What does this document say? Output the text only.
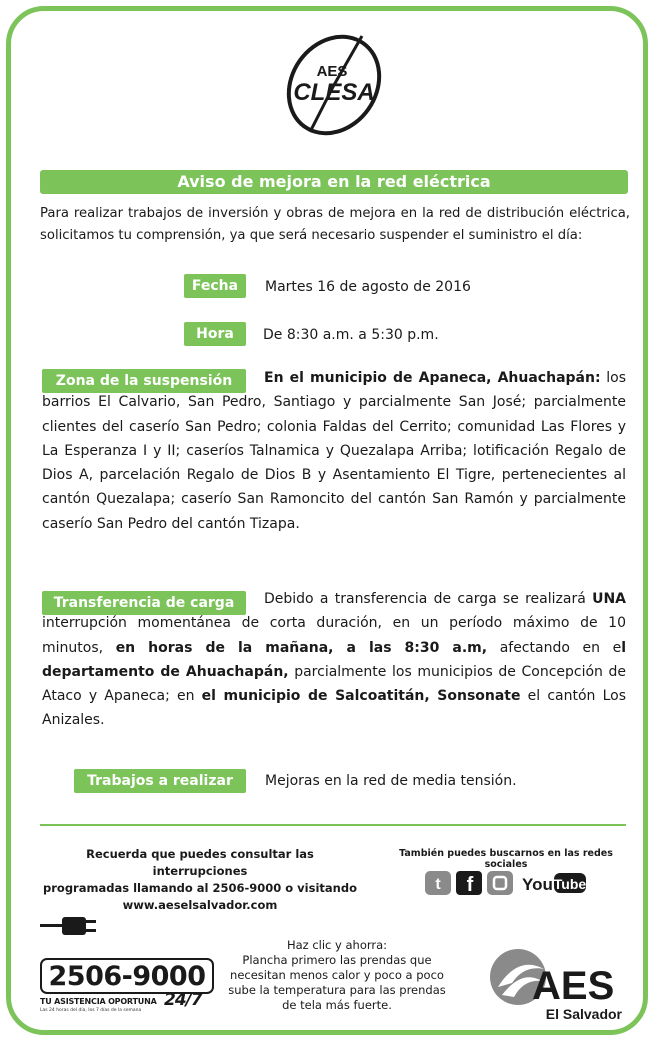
AES
CLESA
Aviso de mejora en la red eléctrica
Para realizar trabajos de inversión y obras de mejora en la red de distribución eléctrica, solicitamos tu comprensión, ya que será necesario suspender el suministro el día:
Fecha	Martes 16 de agosto de 2016
Hora	De 8:30 a.m. a 5:30 p.m.
Zona de la suspensión	En el municipio de Apaneca, Ahuachapán: los barrios El Calvario, San Pedro, Santiago y parcialmente San José; parcialmente clientes del caserío San Pedro; colonia Faldas del Cerrito; comunidad Las Flores y La Esperanza I y II; caseríos Talnamica y Quezalapa Arriba; lotificación Regalo de Dios A, parcelación Regalo de Dios B y Asentamiento El Tigre, pertenecientes al cantón Quezalapa; caserío San Ramoncito del cantón San Ramón y parcialmente caserío San Pedro del cantón Tizapa.
Transferencia de carga	Debido a transferencia de carga se realizará UNA interrupción momentánea de corta duración, en un período máximo de 10 minutos, en horas de la mañana, a las 8:30 a.m, afectando en el departamento de Ahuachapán, parcialmente los municipios de Concepción de Ataco y Apaneca; en el municipio de Salcoatitán, Sonsonate el cantón Los Anizales.
Trabajos a realizar	Mejoras en la red de media tensión.
Recuerda que puedes consultar las interrupciones
programadas llamando al 2506-9000 o visitando
www.aeselsalvador.com
También puedes buscarnos en las redes sociales
t f	You Tube
2506-9000
TU ASISTENCIA OPORTUNA 24/7
Las 24 horas del día, los 7 días de la semana
Haz clic y ahorra:
Plancha primero las prendas que necesitan menos calor y poco a poco sube la temperatura para las prendas de tela más fuerte.	AES
El Salvador
